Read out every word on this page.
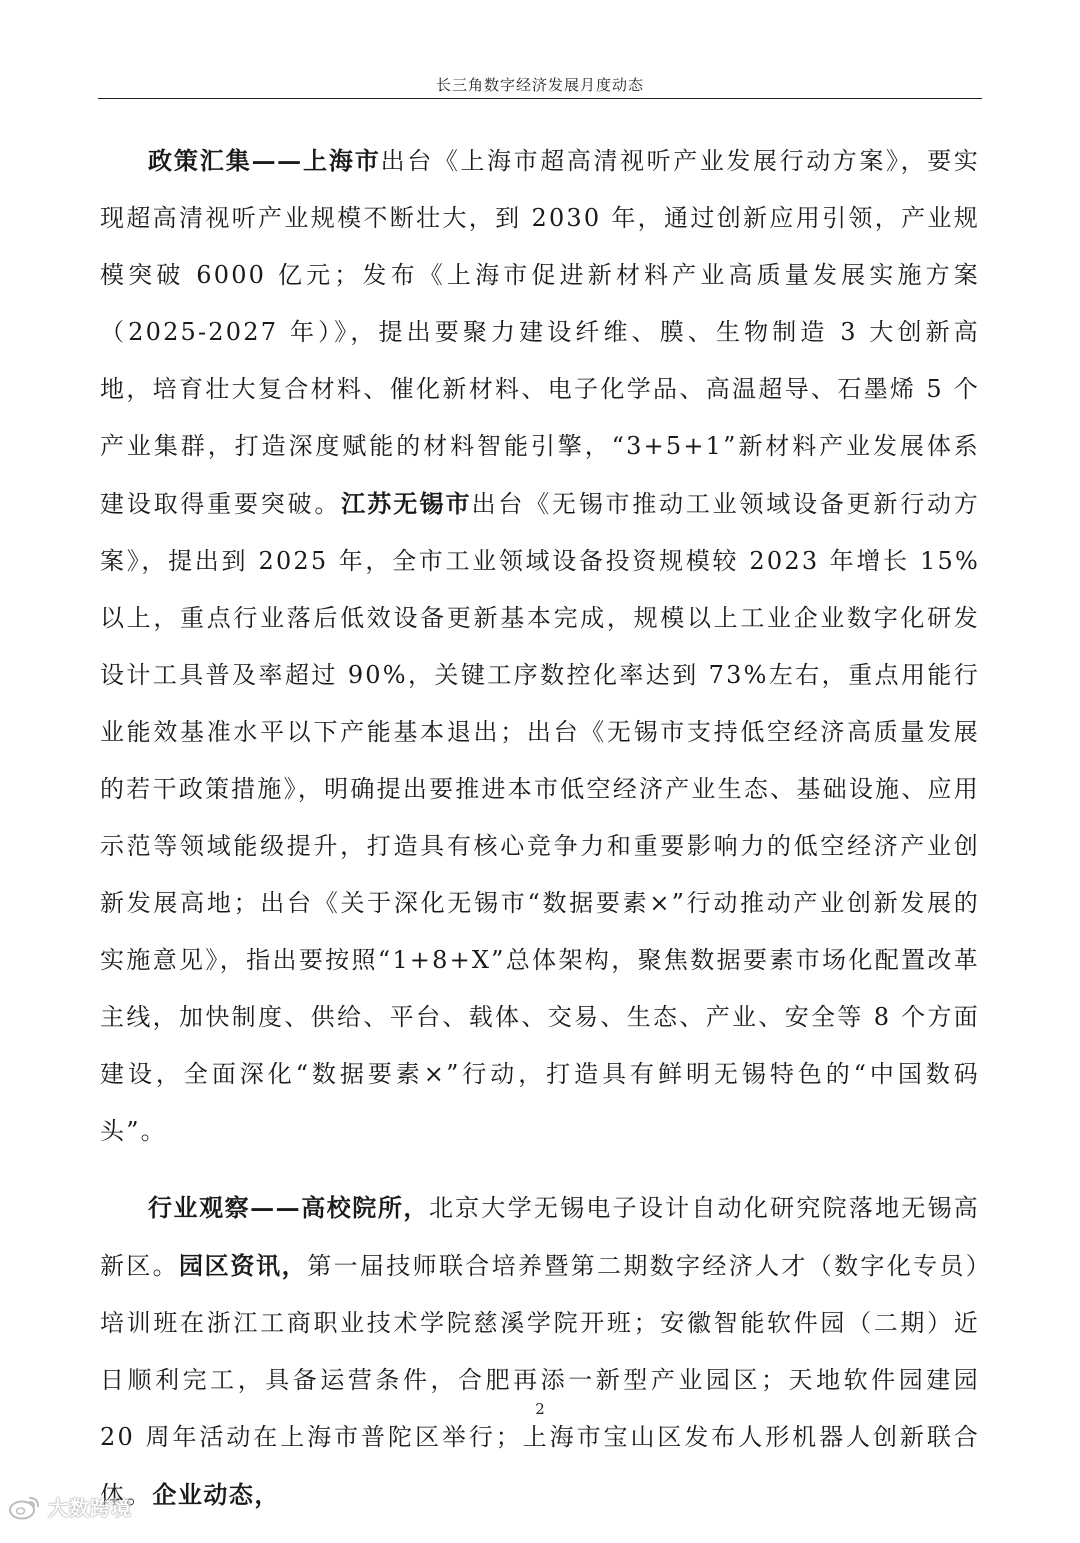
长三角数字经济发展月度动态

政策汇集——上海市出台《上海市超高清视听产业发展行动方案》，要实现超高清视听产业规模不断壮大，到 2030 年，通过创新应用引领，产业规模突破 6000 亿元；发布《上海市促进新材料产业高质量发展实施方案（2025-2027 年）》，提出要聚力建设纤维、膜、生物制造 3 大创新高地，培育壮大复合材料、催化新材料、电子化学品、高温超导、石墨烯 5 个产业集群，打造深度赋能的材料智能引擎，“3+5+1”新材料产业发展体系建设取得重要突破。江苏无锡市出台《无锡市推动工业领域设备更新行动方案》，提出到 2025 年，全市工业领域设备投资规模较 2023 年增长 15%以上，重点行业落后低效设备更新基本完成，规模以上工业企业数字化研发设计工具普及率超过 90%，关键工序数控化率达到 73%左右，重点用能行业能效基准水平以下产能基本退出；出台《无锡市支持低空经济高质量发展的若干政策措施》，明确提出要推进本市低空经济产业生态、基础设施、应用示范等领域能级提升，打造具有核心竞争力和重要影响力的低空经济产业创新发展高地；出台《关于深化无锡市“数据要素×”行动推动产业创新发展的实施意见》，指出要按照“1+8+X”总体架构，聚焦数据要素市场化配置改革主线，加快制度、供给、平台、载体、交易、生态、产业、安全等 8 个方面建设，全面深化“数据要素×”行动，打造具有鲜明无锡特色的“中国数码头”。

行业观察——高校院所，北京大学无锡电子设计自动化研究院落地无锡高新区。园区资讯，第一届技师联合培养暨第二期数字经济人才（数字化专员）培训班在浙江工商职业技术学院慈溪学院开班；安徽智能软件园（二期）近日顺利完工，具备运营条件，合肥再添一新型产业园区；天地软件园建园 20 周年活动在上海市普陀区举行；上海市宝山区发布人形机器人创新联合体。企业动态，

2
大数跨境
